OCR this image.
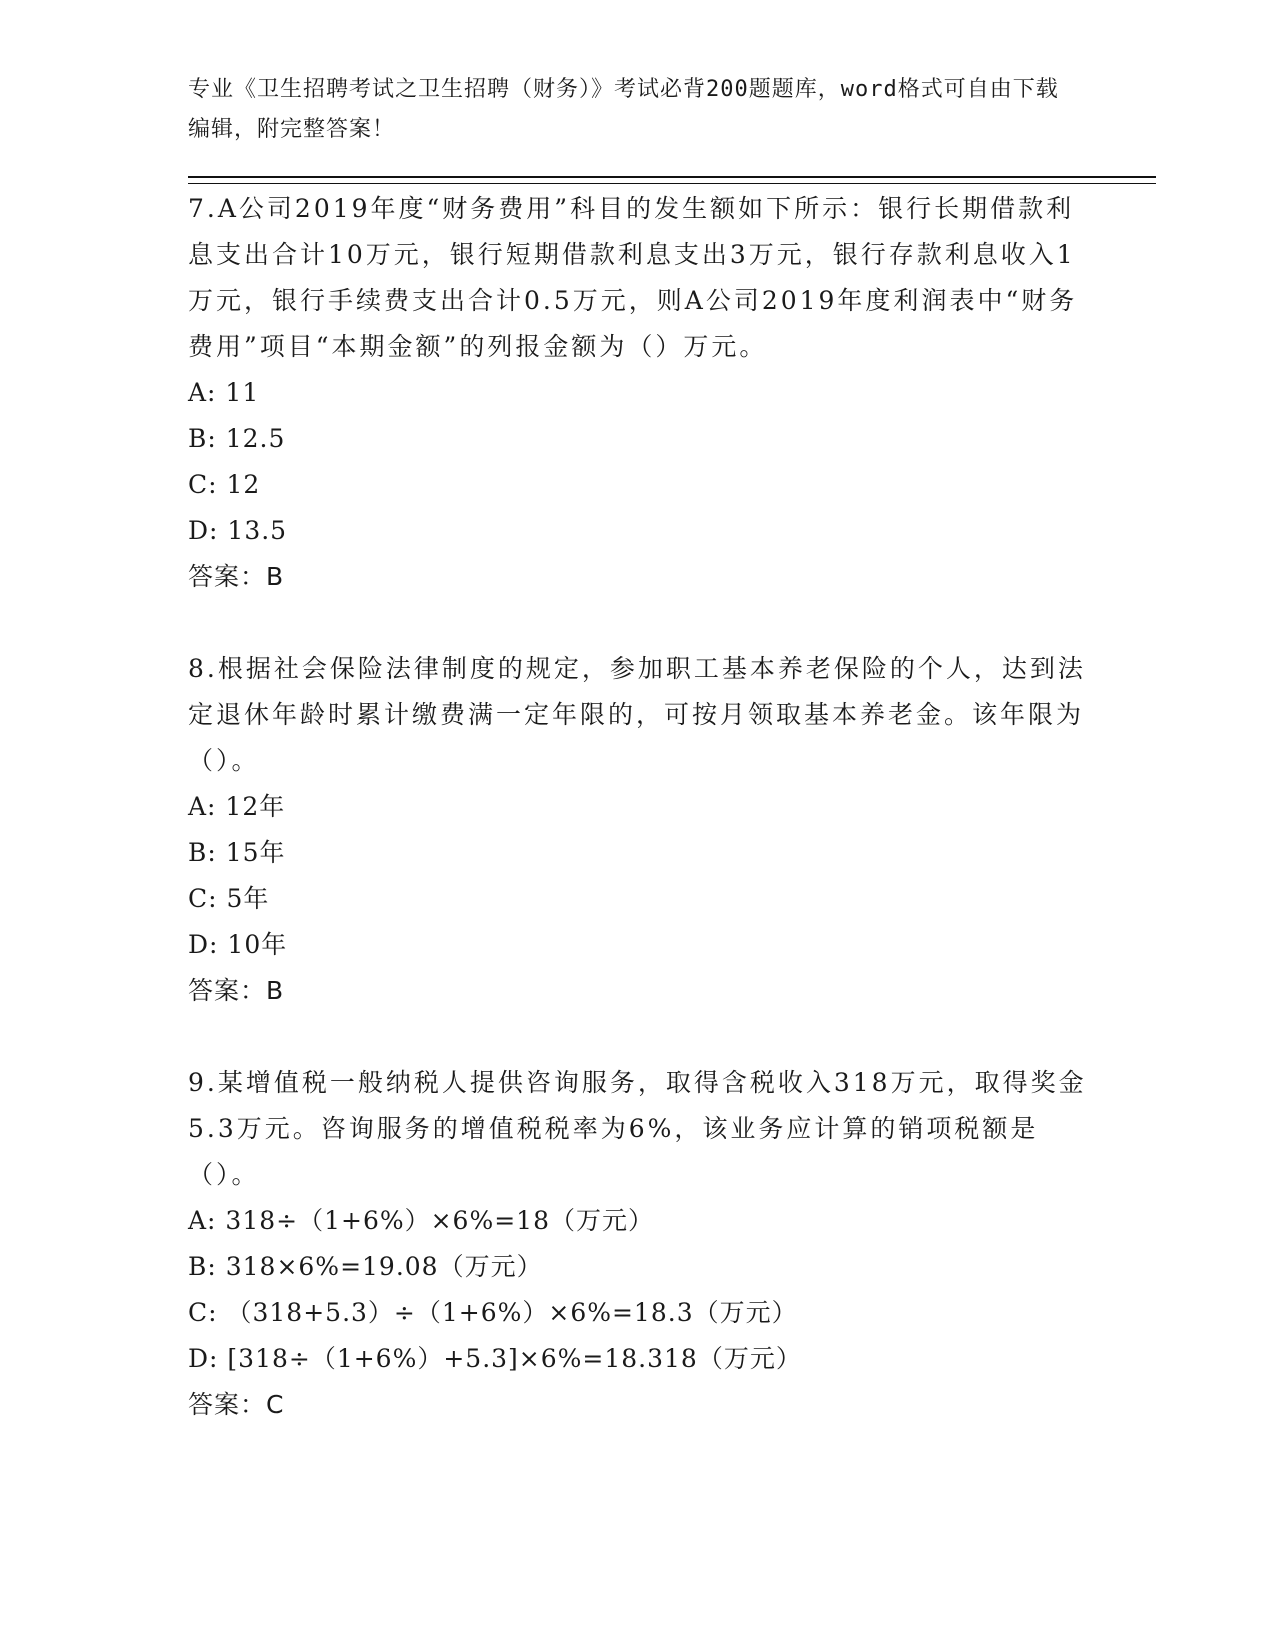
专业《卫生招聘考试之卫生招聘（财务）》考试必背200题题库，word格式可自由下载编辑，附完整答案！

7.A公司2019年度“财务费用”科目的发生额如下所示：银行长期借款利息支出合计10万元，银行短期借款利息支出3万元，银行存款利息收入1万元，银行手续费支出合计0.5万元，则A公司2019年度利润表中“财务费用”项目“本期金额”的列报金额为（）万元。

A: 11

B: 12.5

C: 12

D: 13.5

答案：B

8.根据社会保险法律制度的规定，参加职工基本养老保险的个人，达到法定退休年龄时累计缴费满一定年限的，可按月领取基本养老金。该年限为（）。

A: 12年

B: 15年

C: 5年

D: 10年

答案：B

9.某增值税一般纳税人提供咨询服务，取得含税收入318万元，取得奖金5.3万元。咨询服务的增值税税率为6%，该业务应计算的销项税额是（）。

A: 318÷（1+6%）×6%=18（万元）

B: 318×6%=19.08（万元）

C: （318+5.3）÷（1+6%）×6%=18.3（万元）

D: [318÷（1+6%）+5.3]×6%=18.318（万元）

答案：C
